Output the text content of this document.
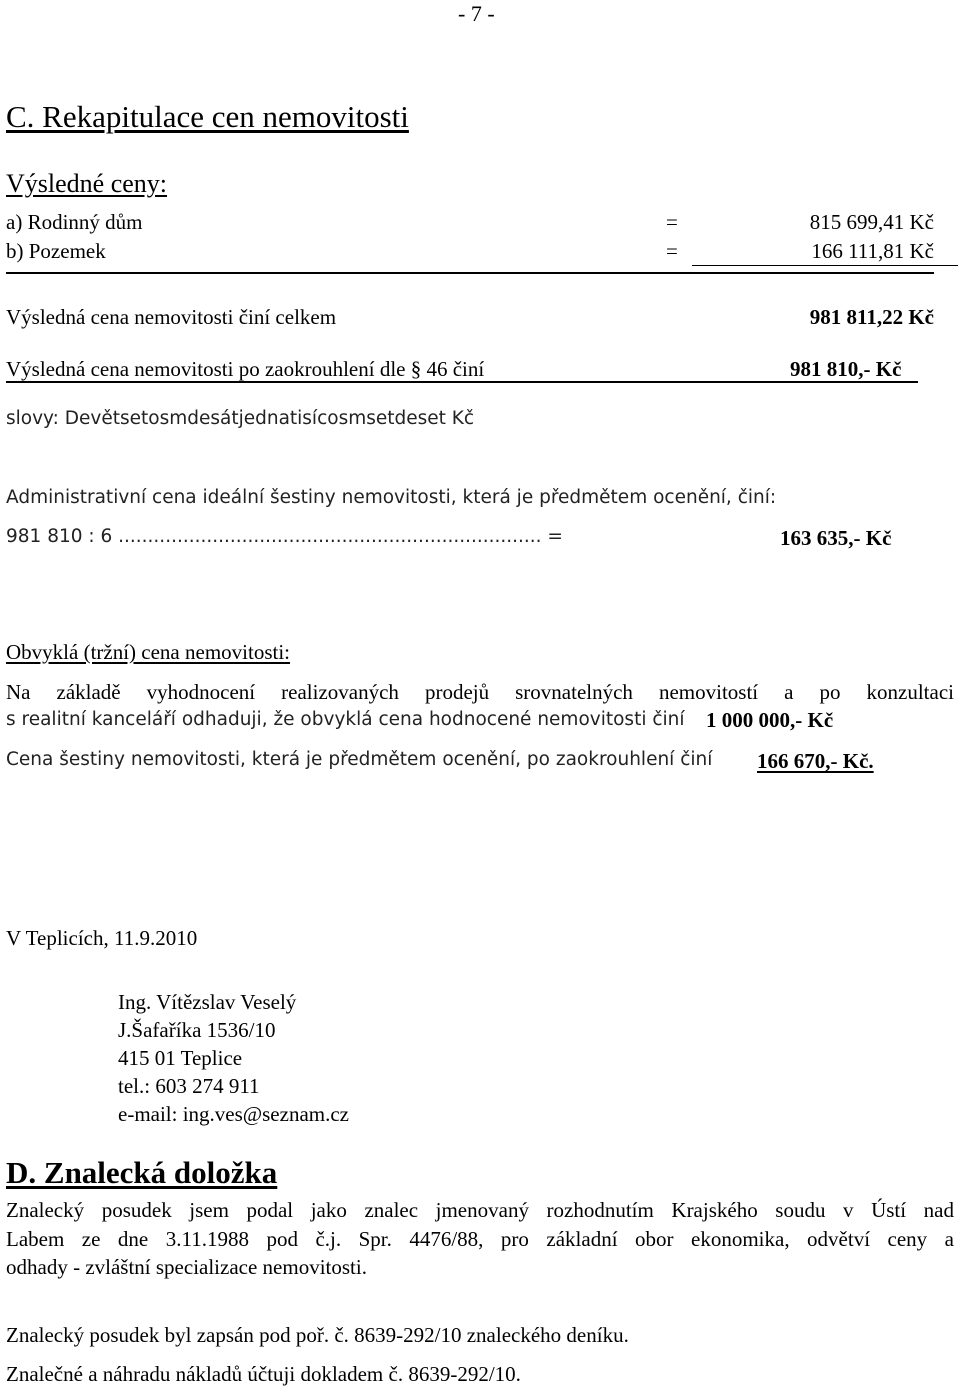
- 7 -
C. Rekapitulace cen nemovitosti
Výsledné ceny:
a) Rodinný dům	=	815 699,41 Kč
b) Pozemek	=	166 111,81 Kč
Výsledná cena nemovitosti činí celkem	981 811,22 Kč
Výsledná cena nemovitosti po zaokrouhlení dle § 46 činí	981 810,- Kč
slovy: Devětsetosmdesátjednatisícosmsetdeset Kč
Administrativní cena ideální šestiny nemovitosti, která je předmětem ocenění, činí:
981 810 : 6 ........................................................................ =	163 635,- Kč
Obvyklá (tržní) cena nemovitosti:
Na základě vyhodnocení realizovaných prodejů srovnatelných nemovitostí a po konzultaci
s realitní kanceláří odhaduji, že obvyklá cena hodnocené nemovitosti činí 1 000 000,- Kč
Cena šestiny nemovitosti, která je předmětem ocenění, po zaokrouhlení činí 166 670,- Kč.
V Teplicích, 11.9.2010
Ing. Vítězslav Veselý
J.Šafaříka 1536/10
415 01 Teplice
tel.: 603 274 911
e-mail: ing.ves@seznam.cz
D. Znalecká doložka
Znalecký posudek jsem podal jako znalec jmenovaný rozhodnutím Krajského soudu v Ústí nad
Labem ze dne 3.11.1988 pod č.j. Spr. 4476/88, pro základní obor ekonomika, odvětví ceny a
odhady - zvláštní specializace nemovitosti.
Znalecký posudek byl zapsán pod poř. č. 8639-292/10 znaleckého deníku.
Znalečné a náhradu nákladů účtuji dokladem č. 8639-292/10.
